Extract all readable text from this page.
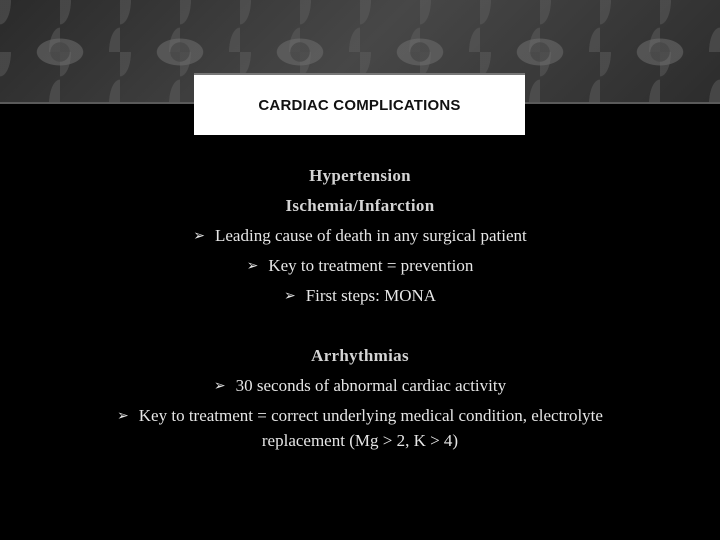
CARDIAC COMPLICATIONS
Hypertension
Ischemia/Infarction
➢ Leading cause of death in any surgical patient
➢ Key to treatment = prevention
➢ First steps: MONA
Arrhythmias
➢ 30 seconds of abnormal cardiac activity
➢ Key to treatment = correct underlying medical condition, electrolyte
replacement (Mg > 2, K > 4)
